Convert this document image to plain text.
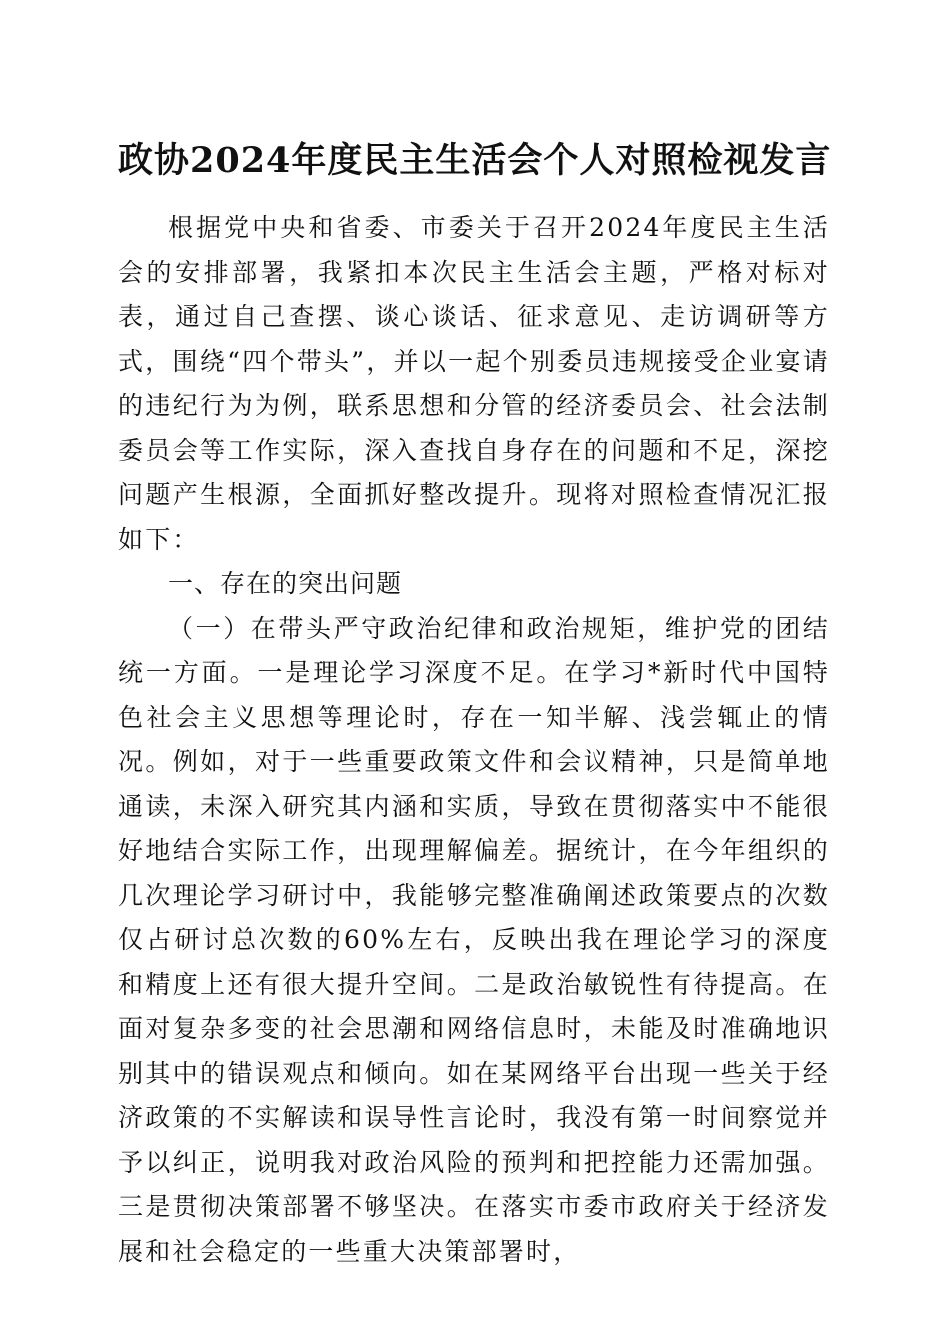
政协2024年度民主生活会个人对照检视发言

根据党中央和省委、市委关于召开2024年度民主生活会的安排部署，我紧扣本次民主生活会主题，严格对标对表，通过自己查摆、谈心谈话、征求意见、走访调研等方式，围绕“四个带头”，并以一起个别委员违规接受企业宴请的违纪行为为例，联系思想和分管的经济委员会、社会法制委员会等工作实际，深入查找自身存在的问题和不足，深挖问题产生根源，全面抓好整改提升。现将对照检查情况汇报如下：

一、存在的突出问题

（一）在带头严守政治纪律和政治规矩，维护党的团结统一方面。一是理论学习深度不足。在学习*新时代中国特色社会主义思想等理论时，存在一知半解、浅尝辄止的情况。例如，对于一些重要政策文件和会议精神，只是简单地通读，未深入研究其内涵和实质，导致在贯彻落实中不能很好地结合实际工作，出现理解偏差。据统计，在今年组织的几次理论学习研讨中，我能够完整准确阐述政策要点的次数仅占研讨总次数的60%左右，反映出我在理论学习的深度和精度上还有很大提升空间。二是政治敏锐性有待提高。在面对复杂多变的社会思潮和网络信息时，未能及时准确地识别其中的错误观点和倾向。如在某网络平台出现一些关于经济政策的不实解读和误导性言论时，我没有第一时间察觉并予以纠正，说明我对政治风险的预判和把控能力还需加强。三是贯彻决策部署不够坚决。在落实市委市政府关于经济发展和社会稳定的一些重大决策部署时，
